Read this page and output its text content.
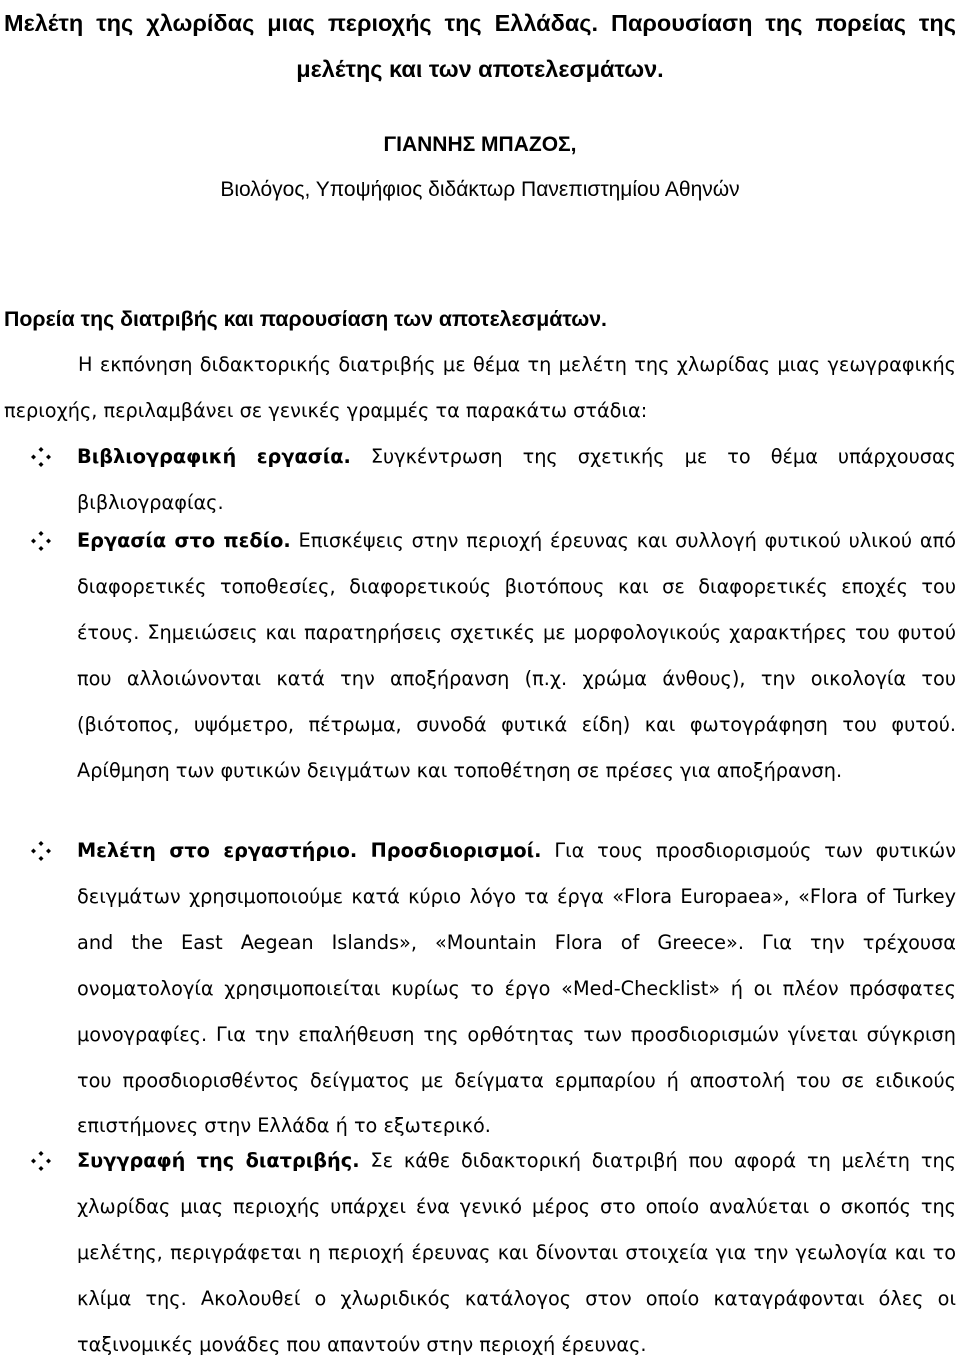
Μελέτη της χλωρίδας μιας περιοχής της Ελλάδας. Παρουσίαση της πορείας της
μελέτης και των αποτελεσμάτων.
ΓΙΑΝΝΗΣ ΜΠΑΖΟΣ,
Βιολόγος, Υποψήφιος διδάκτωρ Πανεπιστημίου Αθηνών
Πορεία της διατριβής και παρουσίαση των αποτελεσμάτων.

Η εκπόνηση διδακτορικής διατριβής με θέμα τη μελέτη της χλωρίδας μιας γεωγραφικής περιοχής, περιλαμβάνει σε γενικές γραμμές τα παρακάτω στάδια:

Βιβλιογραφική εργασία. Συγκέντρωση της σχετικής με το θέμα υπάρχουσας βιβλιογραφίας.
Εργασία στο πεδίο. Επισκέψεις στην περιοχή έρευνας και συλλογή φυτικού υλικού από διαφορετικές τοποθεσίες, διαφορετικούς βιοτόπους και σε διαφορετικές εποχές του έτους. Σημειώσεις και παρατηρήσεις σχετικές με μορφολογικούς χαρακτήρες του φυτού που αλλοιώνονται κατά την αποξήρανση (π.χ. χρώμα άνθους), την οικολογία του (βιότοπος, υψόμετρο, πέτρωμα, συνοδά φυτικά είδη) και φωτογράφηση του φυτού. Αρίθμηση των φυτικών δειγμάτων και τοποθέτηση σε πρέσες για αποξήρανση.
Μελέτη στο εργαστήριο. Προσδιορισμοί. Για τους προσδιορισμούς των φυτικών δειγμάτων χρησιμοποιούμε κατά κύριο λόγο τα έργα «Flora Europaea», «Flora of Turkey and the East Aegean Islands», «Mountain Flora of Greece». Για την τρέχουσα ονοματολογία χρησιμοποιείται κυρίως το έργο «Med-Checklist» ή οι πλέον πρόσφατες μονογραφίες. Για την επαλήθευση της ορθότητας των προσδιορισμών γίνεται σύγκριση του προσδιορισθέντος δείγματος με δείγματα ερμπαρίου ή αποστολή του σε ειδικούς επιστήμονες στην Ελλάδα ή το εξωτερικό.
Συγγραφή της διατριβής. Σε κάθε διδακτορική διατριβή που αφορά τη μελέτη της χλωρίδας μιας περιοχής υπάρχει ένα γενικό μέρος στο οποίο αναλύεται ο σκοπός της μελέτης, περιγράφεται η περιοχή έρευνας και δίνονται στοιχεία για την γεωλογία και το κλίμα της. Ακολουθεί ο χλωριδικός κατάλογος στον οποίο καταγράφονται όλες οι ταξινομικές μονάδες που απαντούν στην περιοχή έρευνας.
